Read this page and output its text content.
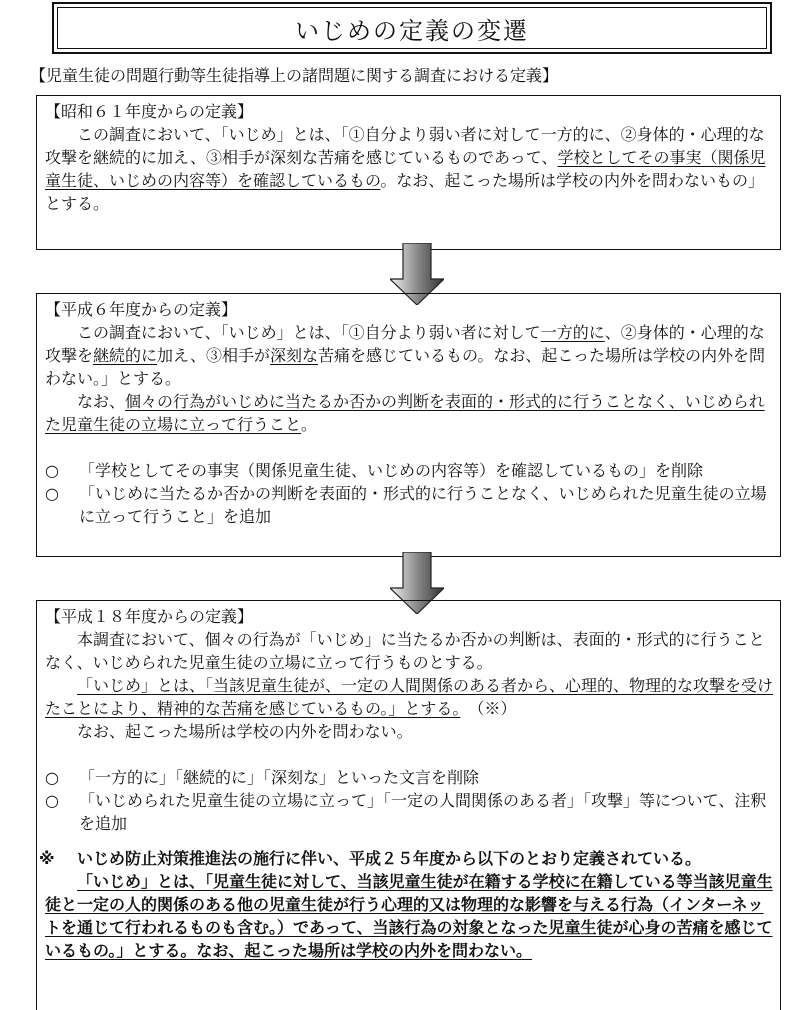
いじめの定義の変遷
【児童生徒の問題行動等生徒指導上の諸問題に関する調査における定義】
【昭和６１年度からの定義】

この調査において、「いじめ」とは、「①自分より弱い者に対して一方的に、②身体的・心理的な攻撃を継続的に加え、③相手が深刻な苦痛を感じているものであって、学校としてその事実（関係児童生徒、いじめの内容等）を確認しているもの。なお、起こった場所は学校の内外を問わないもの」とする。

【平成６年度からの定義】

この調査において、「いじめ」とは、「①自分より弱い者に対して一方的に、②身体的・心理的な攻撃を継続的に加え、③相手が深刻な苦痛を感じているもの。なお、起こった場所は学校の内外を問わない。」とする。

なお、個々の行為がいじめに当たるか否かの判断を表面的・形式的に行うことなく、いじめられた児童生徒の立場に立って行うこと。

○	「学校としてその事実（関係児童生徒、いじめの内容等）を確認しているもの」を削除
○	「いじめに当たるか否かの判断を表面的・形式的に行うことなく、いじめられた児童生徒の立場に立って行うこと」を追加
【平成１８年度からの定義】

本調査において、個々の行為が「いじめ」に当たるか否かの判断は、表面的・形式的に行うことなく、いじめられた児童生徒の立場に立って行うものとする。

「いじめ」とは、「当該児童生徒が、一定の人間関係のある者から、心理的、物理的な攻撃を受けたことにより、精神的な苦痛を感じているもの。」とする。　 （※）

なお、起こった場所は学校の内外を問わない。

○	「一方的に」「継続的に」「深刻な」といった文言を削除
○	「いじめられた児童生徒の立場に立って」「一定の人間関係のある者」「攻撃」等について、注釈を追加
※	いじめ防止対策推進法の施行に伴い、平成２５年度から以下のとおり定義されている。

「いじめ」とは、「児童生徒に対して、当該児童生徒が在籍する学校に在籍している等当該児童生徒と一定の人的関係のある他の児童生徒が行う心理的又は物理的な影響を与える行為（インターネットを通じて行われるものも含む。）であって、当該行為の対象となった児童生徒が心身の苦痛を感じているもの。」とする。なお、起こった場所は学校の内外を問わない。
